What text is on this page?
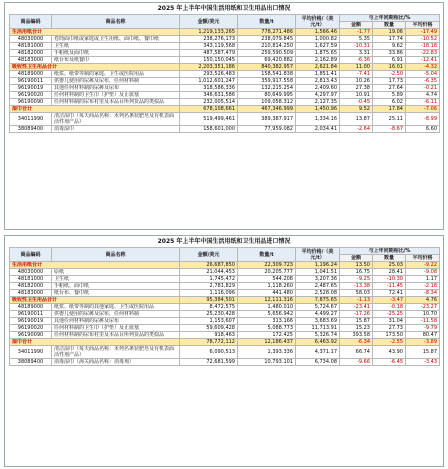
2025 年上半年中国生活用纸和卫生用品出口情况
商品编码	商品名称	金额/美元	数量/t	平均价格/（美元/t）	与上年同期相比/%		
					金额	数量	平均价格
生活用纸合计		1,219,133,265	778,271.486	1,566.46	-1.77	19.06	-17.49
48030000	卷筒面巾纸或家庭或卫生用纸、面巾纸、餐巾纸	238,276,173	238,079.845	1,000.82	5.35	17.74	-10.52
48181000	卫生纸	343,119,568	210,814.250	1,627.59	-10.31	9.62	-18.18
48182000	手帕纸及面巾纸	487,587,479	259,590.509	1,875.65	3.31	33.86	-22.83
48183000	纸台布及纸餐巾	150,150,045	69,420.882	2,162.89	-6.36	6.91	-12.41
吸收性卫生用品合计		2,203,351,186	840,382.957	2,621.84	11.00	16.01	-4.32
48189000	纸浆、纸带等制的家庭、卫生或医院用品	293,526,483	158,541.838	1,851.41	-7.41	-2.50	-5.04
96190011	供婴儿使用的尿裤及尿布，任何材料制	1,012,601,247	359,917.558	2,813.43	10.26	17.73	-6.35
96190019	其他任何材料制的尿裤及尿布	318,586,336	132,215.254	2,409.60	27.38	27.64	-0.21
96190020	任何材料制的卫生巾（护垫）及止血塞	346,631,586	80,649.995	4,297.97	10.91	5.89	4.74
96190090	任何材料制的尿布衬里及本品目所列货品的类似品	232,005,514	109,058.312	2,127.35	-0.45	6.02	-6.11
湿巾合计		678,108,661	467,346.999	1,450.96	9.52	17.84	-7.06
34011990	清洁湿巾（每天商品名称：未列名条状肥皂及有机表面活性剂产品）	519,499,461	389,387.917	1,334.16	13.87	25.11	-8.99
38089400	消毒湿巾	158,601,000	77,959.082	2,034.41	-2.64	-8.67	6.60
2025 年上半年中国生活用纸和卫生用品进口情况
商品编码	商品名称	金额/美元	数量/t	平均价格/（美元/t）	与上年同期相比/%		
					金额	数量	平均价格
生活用纸合计		26,687,850	22,309.723	1,196.24	13.50	25.03	-9.22
48030000	原纸	21,044,453	20,205.777	1,041.51	16.75	28.41	-9.08
48181000	卫生纸	1,745,472	544.208	3,207.36	-9.25	-10.30	1.17
48182000	手帕纸、面巾纸	2,781,829	1,118.260	2,487.65	-13.38	-11.45	-2.18
48183000	纸台布、餐巾纸	1,116,096	441.480	2,528.08	58.03	72.41	-8.34
吸收性卫生用品合计		95,384,501	12,111.316	7,875.65	-1.13	-3.47	4.76
48189000	纸浆、纸带等制的其他家庭、卫生或医院用品	8,472,575	1,480.010	5,724.67	-23.41	-0.18	-23.27
96190011	供婴儿使用的尿裤及尿布，任何材料制	25,230,428	5,656.942	4,499.27	-17.26	-25.25	10.70
96190019	其他任何材料制的尿裤及尿布	1,153,607	313.166	3,683.69	15.87	31.04	-11.58
96190020	任何材料制的卫生巾（护垫）及止血塞	59,609,428	5,088.773	11,713.91	15.23	27.73	-9.79
96190090	任何材料制的尿布衬里及本品目所列货品的类似品	918,463	172.425	5,326.74	393.58	173.50	80.47
湿巾合计		78,772,112	12,186.437	6,463.92	-6.34	-2.55	-3.89
34011990	清洁湿巾（每天商品名称：未列名条状肥皂及有机表面活性剂产品）	6,090,513	1,393.336	4,371.17	66.74	43.90	15.87
38089400	消毒湿巾（海关商品名称：消毒剂）	72,681,599	10,793.101	6,734.08	-9.66	-6.45	-3.43
